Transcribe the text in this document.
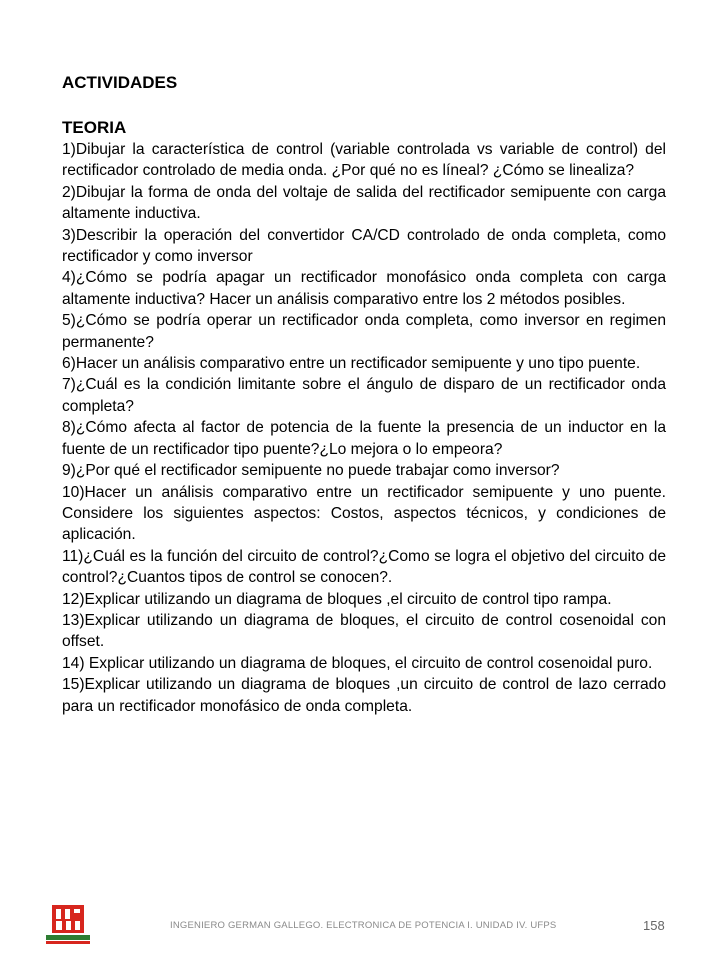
ACTIVIDADES

TEORIA

1)Dibujar la característica de control (variable controlada vs variable de control) del rectificador controlado de media onda. ¿Por qué no es líneal? ¿Cómo se linealiza?
2)Dibujar la forma de onda del voltaje de salida del rectificador semipuente con carga altamente inductiva.
3)Describir la operación del convertidor CA/CD controlado de onda completa, como rectificador y como inversor
4)¿Cómo se podría apagar un rectificador monofásico onda completa con carga altamente inductiva? Hacer un análisis comparativo entre los 2 métodos posibles.
5)¿Cómo se podría operar un rectificador onda completa, como inversor en regimen permanente?
6)Hacer un análisis comparativo entre un rectificador semipuente y uno tipo puente.
7)¿Cuál es la condición limitante sobre el ángulo de disparo de un rectificador onda completa?
8)¿Cómo afecta al factor de potencia de la fuente la presencia de un inductor en la fuente de un rectificador tipo puente?¿Lo mejora o lo empeora?
9)¿Por qué el rectificador semipuente no puede trabajar como inversor?
10)Hacer un análisis comparativo entre un rectificador semipuente y uno puente. Considere los siguientes aspectos: Costos, aspectos técnicos, y condiciones de aplicación.
11)¿Cuál es la función del circuito de control?¿Como se logra el objetivo del circuito de control?¿Cuantos tipos de control se conocen?.
12)Explicar utilizando un diagrama de bloques ,el circuito de control tipo rampa.
13)Explicar utilizando un diagrama de bloques, el circuito de control cosenoidal con offset.
14) Explicar utilizando un diagrama de bloques, el circuito de control cosenoidal puro.
15)Explicar utilizando un diagrama de bloques ,un circuito de control de lazo cerrado para un rectificador monofásico de onda completa.
INGENIERO GERMAN GALLEGO. ELECTRONICA DE POTENCIA I. UNIDAD IV. UFPS	158
